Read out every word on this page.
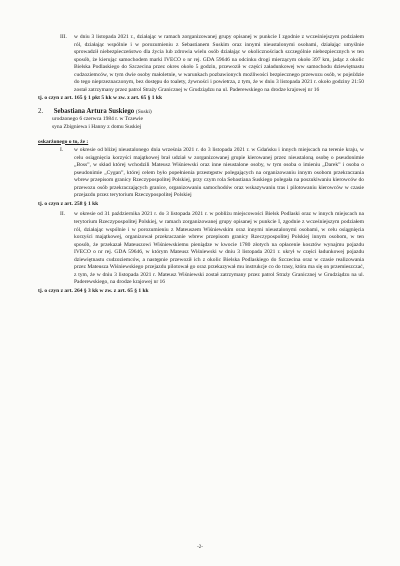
III.	w dniu 3 listopada 2021 r., działając w ramach zorganizowanej grupy opisanej w punkcie I zgodnie z wcześniejszym podziałem ról, działając wspólnie i w porozumieniu z Sebastianem Suskim oraz innymi nieustalonymi osobami, działając umyślnie sprowadził niebezpieczeństwo dla życia lub zdrowia wielu osób działając w okolicznościach szczególnie niebezpiecznych w ten sposób, że kierując samochodem marki IVECO o nr rej. GDA 59646 na odcinku drogi mierzącym około 397 km, jadąc z okolic Bielska Podlaskiego do Szczecina przez okres około 5 godzin, przewoził w części załadunkowej ww samochodu dziewiętnastu cudzoziemców, w tym dwie osoby małoletnie, w warunkach pozbawionych możliwości bezpiecznego przewozu osób, w pojeździe do tego nieprzeznaczonym, bez dostępu do toalety, żywności i powietrza, z tym, że w dniu 3 listopada 2021 r. około godziny 21:50 został zatrzymany przez patrol Straży Granicznej w Grudziądzu na ul. Paderewskiego na drodze krajowej nr 16
tj. o czyn z art. 165 § 1 pkt 5 kk w zw. z art. 65 § 1 kk
2. Sebastiana Artura Suskiego (Suski)
urodzonego 6 czerwca 1984 r. w Tczewie
syna Zbigniewa i Hanny z domu Suskiej
oskarżonego o to, że :
I.	w okresie od bliżej nieustalonego dnia września 2021 r. do 3 listopada 2021 r. w Gdańsku i innych miejscach na terenie kraju, w celu osiągnięcia korzyści majątkowej brał udział w zorganizowanej grupie kierowanej przez nieustaloną osobę o pseudonimie „Boss”, w skład której wchodzili Mateusz Wiśniewski oraz inne nieustalone osoby, w tym osoba o imieniu „Darek” i osoba o pseudonimie „Cygan”, której celem było popełnienia przestępstw polegających na organizowaniu innym osobom przekraczania wbrew przepisom granicy Rzeczypospolitej Polskiej, przy czym rola Sebastiana Suskiego polegała na poszukiwaniu kierowców do przewozu osób przekraczających granice, organizowaniu samochodów oraz wskazywaniu tras i pilotowaniu kierowców w czasie przejazdu przez terytorium Rzeczypospolitej Polskiej
tj. o czyn z art. 258 § 1 kk
II.	w okresie od 31 października 2021 r. do 3 listopada 2021 r. w pobliżu miejscowości Bielsk Podlaski oraz w innych miejscach na terytorium Rzeczypospolitej Polskiej, w ramach zorganizowanej grupy opisanej w punkcie I, zgodnie z wcześniejszym podziałem ról, działając wspólnie i w porozumieniu z Mateuszem Wiśniewskim oraz innymi nieustalonymi osobami, w celu osiągnięcia korzyści majątkowej, organizował przekraczanie wbrew przepisom granicy Rzeczypospolitej Polskiej innym osobom, w ten sposób, że przekazał Mateuszowi Wiśniewskiemu pieniądze w kwocie 1780 złotych na opłacenie kosztów wynajmu pojazdu IVECO o nr rej. GDA 59646, w którym Mateusz Wiśniewski w dniu 3 listopada 2021 r. ukrył w części ładunkowej pojazdu dziewiętnastu cudzoziemców, a następnie przewoził ich z okolic Bielska Podlaskiego do Szczecina oraz w czasie realizowania przez Mateusza Wiśniewskiego przejazdu pilotował go oraz przekazywał mu instrukcje co do trasy, która ma się on przemieszczać, z tym, że w dniu 3 listopada 2021 r. Mateusz Wiśniewski został zatrzymany przez patrol Straży Granicznej w Grudziądzu na ul. Paderewskiego, na drodze krajowej nr 16
tj. o czyn z art. 264 § 3 kk w zw. z art. 65 § 1 kk
-2-
